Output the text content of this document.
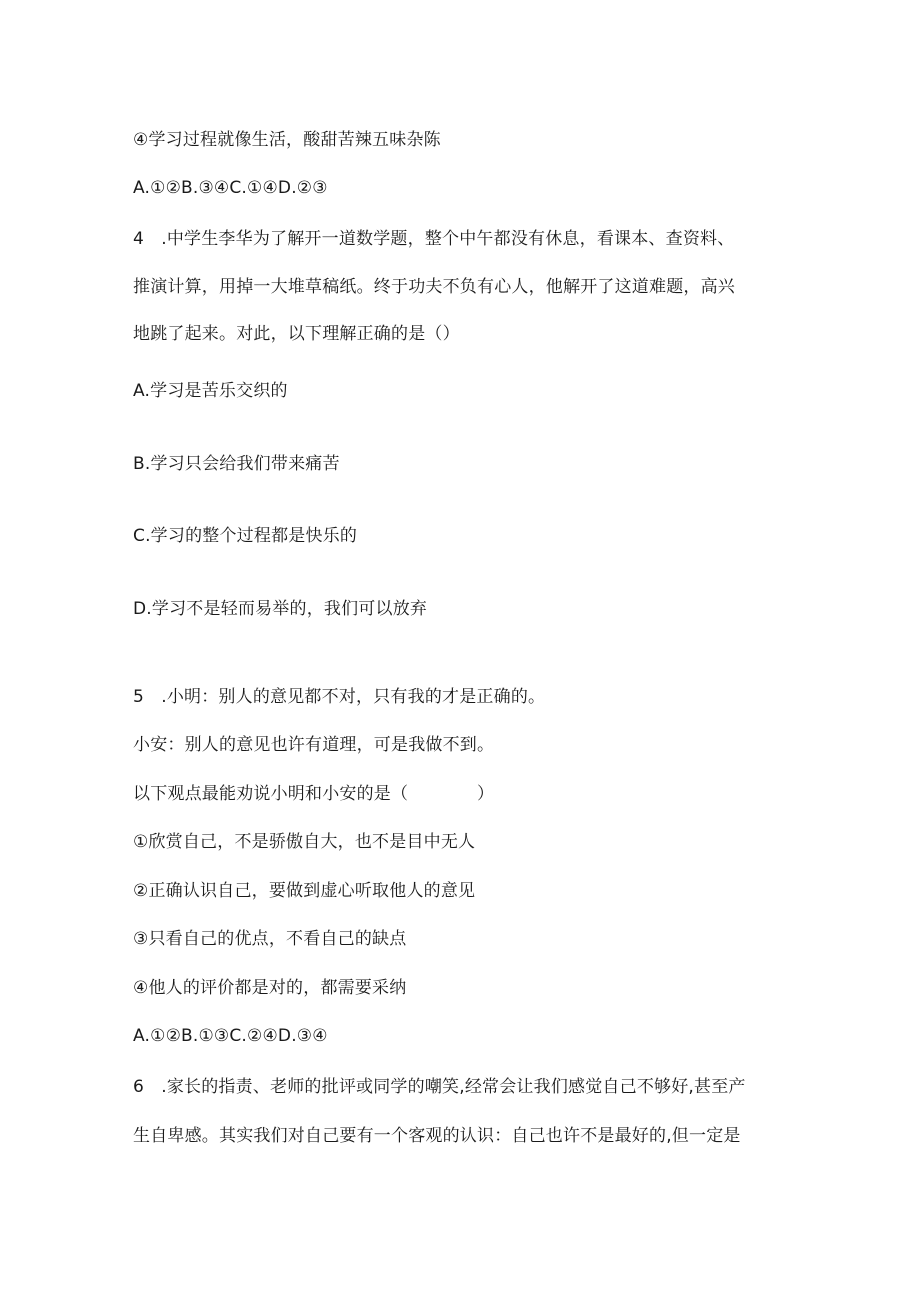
④学习过程就像生活，酸甜苦辣五味杂陈
A.①②B.③④C.①④D.②③
4　.中学生李华为了解开一道数学题，整个中午都没有休息，看课本、查资料、
推演计算，用掉一大堆草稿纸。终于功夫不负有心人，他解开了这道难题，高兴
地跳了起来。对此，以下理解正确的是（）
A.学习是苦乐交织的
B.学习只会给我们带来痛苦
C.学习的整个过程都是快乐的
D.学习不是轻而易举的，我们可以放弃
5　.小明：别人的意见都不对，只有我的才是正确的。
小安：别人的意见也许有道理，可是我做不到。
以下观点最能劝说小明和小安的是（　　　　）
①欣赏自己，不是骄傲自大，也不是目中无人
②正确认识自己，要做到虚心听取他人的意见
③只看自己的优点，不看自己的缺点
④他人的评价都是对的，都需要采纳
A.①②B.①③C.②④D.③④
6　.家长的指责、老师的批评或同学的嘲笑,经常会让我们感觉自己不够好,甚至产
生自卑感。其实我们对自己要有一个客观的认识：自己也许不是最好的,但一定是
